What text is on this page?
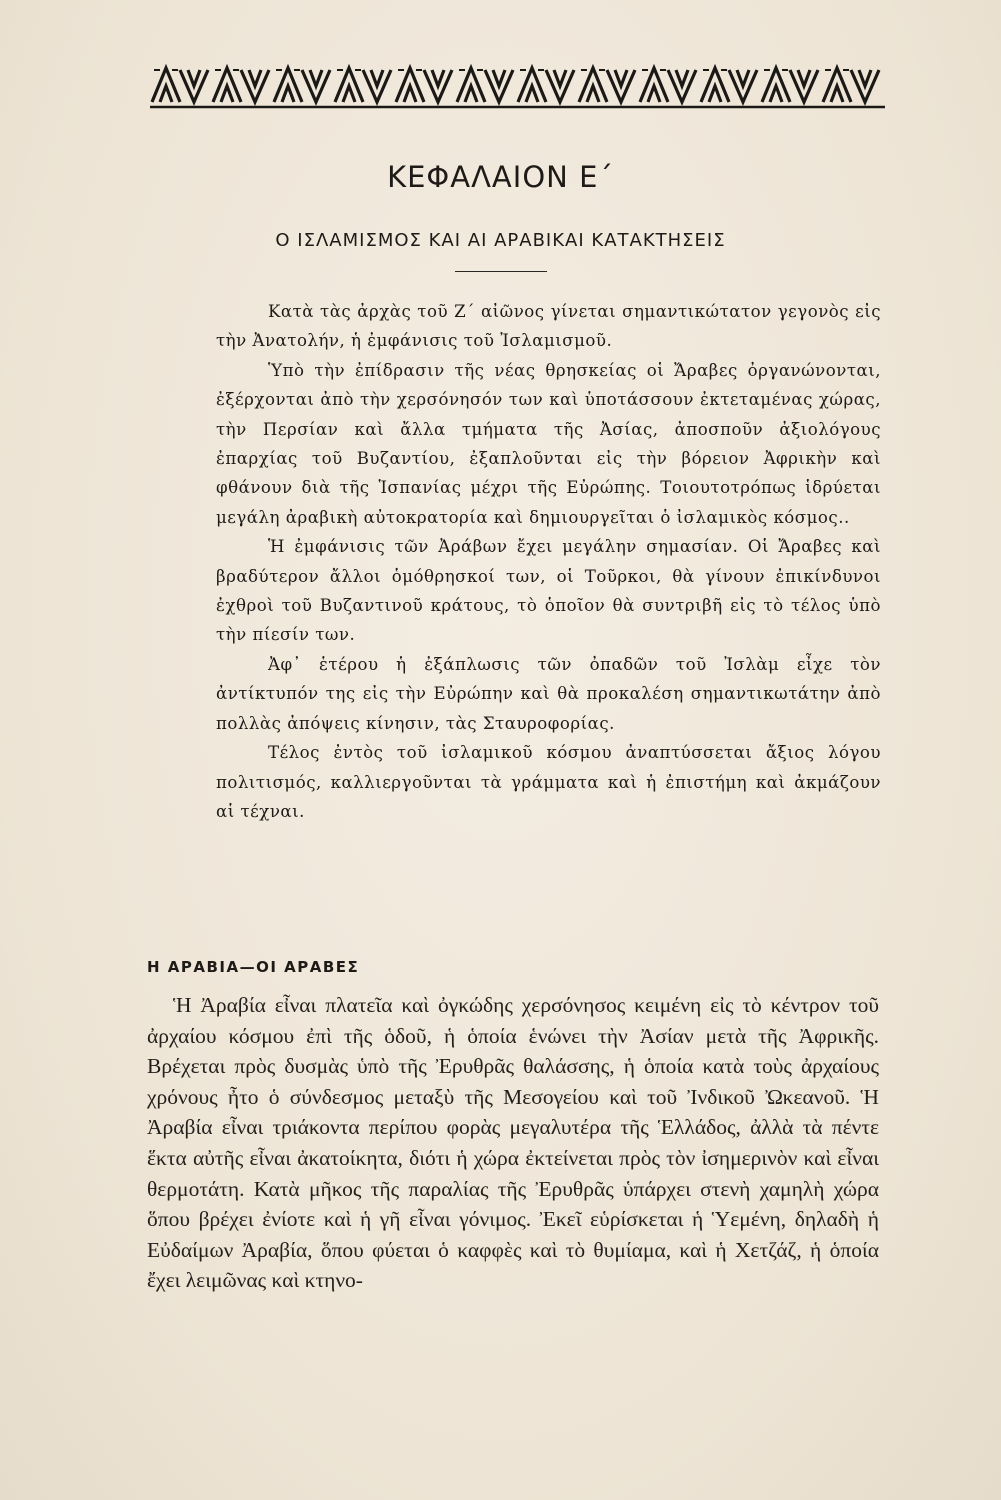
ΚΕΦΑΛΑΙΟΝ Ε΄
Ο ΙΣΛΑΜΙΣΜΟΣ ΚΑΙ ΑΙ ΑΡΑΒΙΚΑΙ ΚΑΤΑΚΤΗΣΕΙΣ

Κατὰ τὰς ἀρχὰς τοῦ Ζ΄ αἰῶνος γίνεται σημαντικώτατον γεγονὸς εἰς τὴν Ἀνατολήν, ἡ ἐμφάνισις τοῦ Ἰσλαμισμοῦ.

Ὑπὸ τὴν ἐπίδρασιν τῆς νέας θρησκείας οἱ Ἄραβες ὀργανώνονται, ἐξέρχονται ἀπὸ τὴν χερσόνησόν των καὶ ὑποτάσσουν ἐκτεταμένας χώρας, τὴν Περσίαν καὶ ἄλλα τμήματα τῆς Ἀσίας, ἀποσποῦν ἀξιολόγους ἐπαρχίας τοῦ Βυζαντίου, ἐξαπλοῦνται εἰς τὴν βόρειον Ἀφρικὴν καὶ φθάνουν διὰ τῆς Ἱσπανίας μέχρι τῆς Εὐρώπης. Τοιουτοτρόπως ἱδρύεται μεγάλη ἀραβικὴ αὐτοκρατορία καὶ δημιουργεῖται ὁ ἰσλαμικὸς κόσμος..

Ἡ ἐμφάνισις τῶν Ἀράβων ἔχει μεγάλην σημασίαν. Οἱ Ἄραβες καὶ βραδύτερον ἄλλοι ὁμόθρησκοί των, οἱ Τοῦρκοι, θὰ γίνουν ἐπικίνδυνοι ἐχθροὶ τοῦ Βυζαντινοῦ κράτους, τὸ ὁποῖον θὰ συντριβῆ εἰς τὸ τέλος ὑπὸ τὴν πίεσίν των.

Ἀφ᾽ ἑτέρου ἡ ἐξάπλωσις τῶν ὀπαδῶν τοῦ Ἰσλὰμ εἶχε τὸν ἀντίκτυπόν της εἰς τὴν Εὐρώπην καὶ θὰ προκαλέση σημαντικωτάτην ἀπὸ πολλὰς ἀπόψεις κίνησιν, τὰς Σταυροφορίας.

Τέλος ἐντὸς τοῦ ἰσλαμικοῦ κόσμου ἀναπτύσσεται ἄξιος λόγου πολιτισμός, καλλιεργοῦνται τὰ γράμματα καὶ ἡ ἐπιστήμη καὶ ἀκμάζουν αἱ τέχναι.

Η ΑΡΑΒΙΑ—ΟΙ ΑΡΑΒΕΣ

Ἡ Ἀραβία εἶναι πλατεῖα καὶ ὀγκώδης χερσόνησος κειμένη εἰς τὸ κέντρον τοῦ ἀρχαίου κόσμου ἐπὶ τῆς ὁδοῦ, ἡ ὁποία ἑνώνει τὴν Ἀσίαν μετὰ τῆς Ἀφρικῆς. Βρέχεται πρὸς δυσμὰς ὑπὸ τῆς Ἐρυθρᾶς θαλάσσης, ἡ ὁποία κατὰ τοὺς ἀρχαίους χρόνους ἦτο ὁ σύνδεσμος μεταξὺ τῆς Μεσογείου καὶ τοῦ Ἰνδικοῦ Ὠκεανοῦ. Ἡ Ἀραβία εἶναι τριάκοντα περίπου φορὰς μεγαλυτέρα τῆς Ἑλλάδος, ἀλλὰ τὰ πέντε ἕκτα αὐτῆς εἶναι ἀκατοίκητα, διότι ἡ χώρα ἐκτείνεται πρὸς τὸν ἰσημερινὸν καὶ εἶναι θερμοτάτη. Κατὰ μῆκος τῆς παραλίας τῆς Ἐρυθρᾶς ὑπάρχει στενὴ χαμηλὴ χώρα ὅπου βρέχει ἐνίοτε καὶ ἡ γῆ εἶναι γόνιμος. Ἐκεῖ εὑρίσκεται ἡ Ὑεμένη, δηλαδὴ ἡ Εὐδαίμων Ἀραβία, ὅπου φύεται ὁ καφφὲς καὶ τὸ θυμίαμα, καὶ ἡ Χετζάζ, ἡ ὁποία ἔχει λειμῶνας καὶ κτηνο-
